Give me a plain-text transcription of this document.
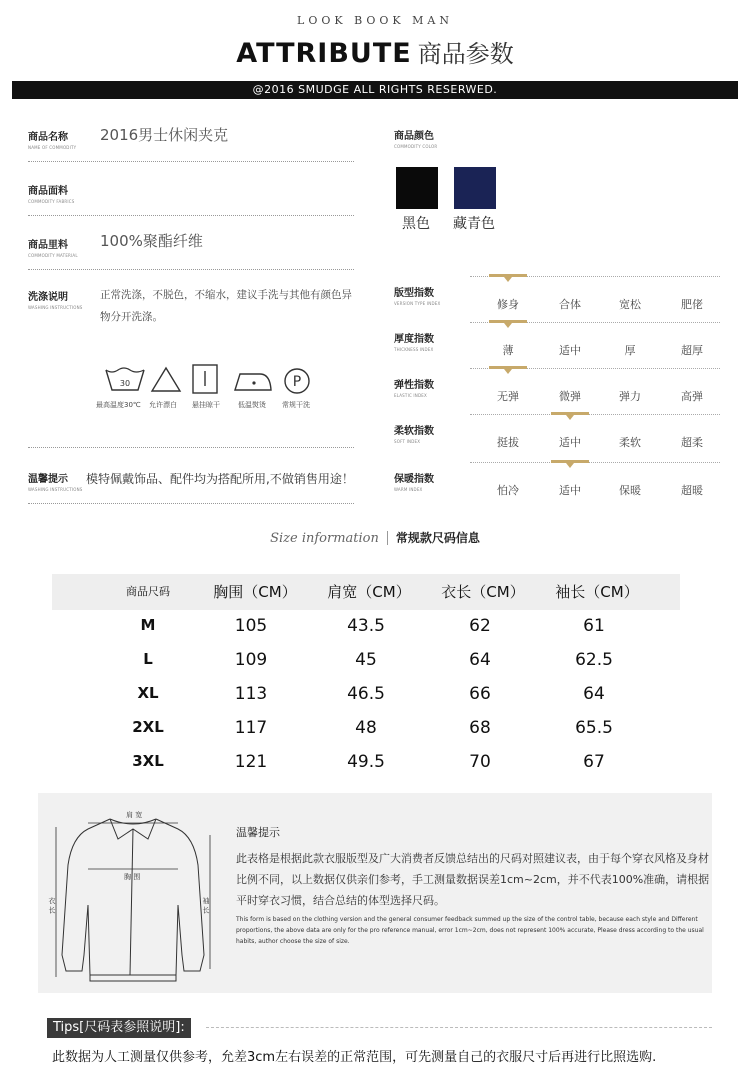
LOOK BOOK MAN
ATTRIBUTE 商品参数
@2016 SMUDGE ALL RIGHTS RESERWED.
商品名称
NAME OF COMMODITY
2016男士休闲夹克
商品面料
COMMODITY FABRICS
商品里料
COMMODITY MATERIAL
100%聚酯纤维
洗涤说明
WASHING INSTRUCTIONS
正常洗涤，不脱色，不缩水，建议手洗与其他有颜色异物分开洗涤。
30	P
最高温度30℃ 允许漂白 悬挂晾干	低温熨烫 常规干洗
温馨提示
WASHING INSTRUCTIONS
模特佩戴饰品、配件均为搭配所用,不做销售用途！
商品颜色
COMMODITY COLOR
黑色 藏青色
版型指数
VERSION TYPE INDEX	修身	合体	宽松	肥佬
厚度指数
THICKNESS INDEX	薄	适中	厚	超厚
弹性指数
ELASTIC INDEX	无弹	微弹	弹力	高弹
柔软指数
SOFT INDEX	挺拔	适中	柔软	超柔
保暖指数
WARM INDEX	怕冷	适中	保暖	超暖
Size information 常规款尺码信息
商品尺码	胸围（CM）	肩宽（CM）	衣长（CM）	袖长（CM）
M	105	43.5	62	61
L	109	45	64	62.5
XL	113	46.5	66	64
2XL	117	48	68	65.5
3XL	121	49.5	70	67
肩 宽
胸 围
衣 长	袖 长
温馨提示
此表格是根据此款衣服版型及广大消费者反馈总结出的尺码对照建议表，由于每个穿衣风格及身材比例不同，以上数据仅供亲们参考，手工测量数据误差1cm~2cm，并不代表100%准确，请根据平时穿衣习惯，结合总结的体型选择尺码。
This form is based on the clothing version and the general consumer feedback summed up the size of the control table, because each style and Different proportions, the above data are only for the pro reference manual, error 1cm~2cm, does not represent 100% accurate, Please dress according to the usual habits, author choose the size of size.
Tips[尺码表参照说明]:
此数据为人工测量仅供参考，允差3cm左右误差的正常范围，可先测量自己的衣服尺寸后再进行比照选购.
